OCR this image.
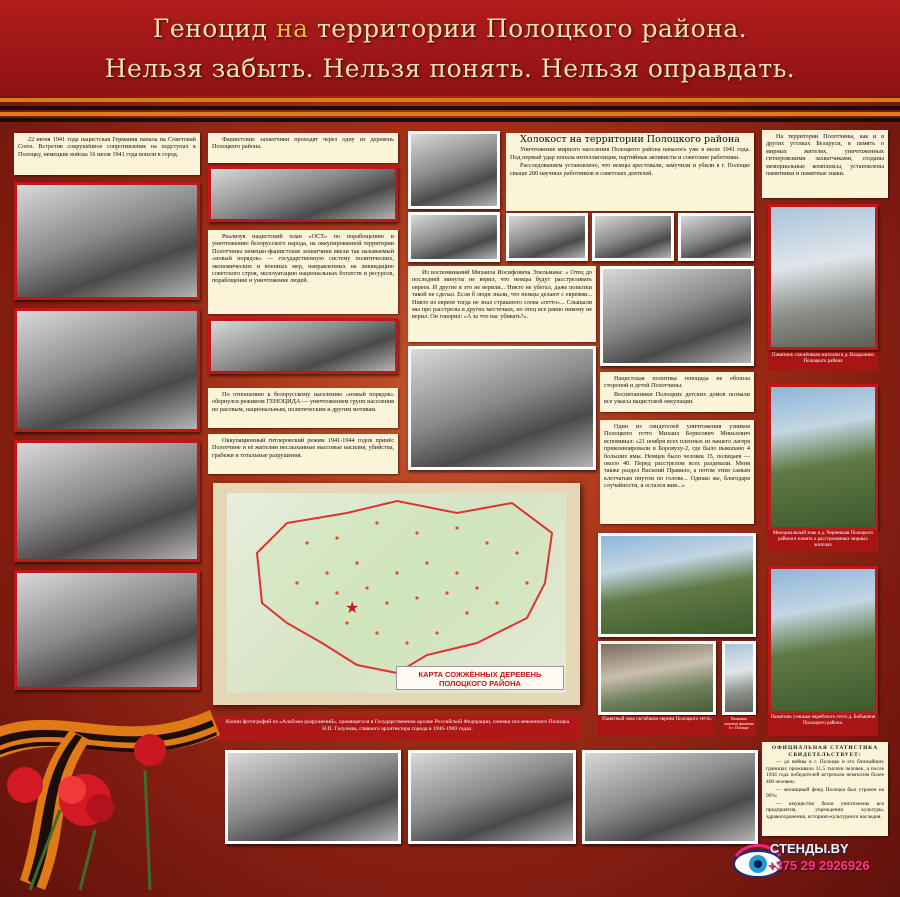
Геноцид на территории Полоцкого района.
Нельзя забыть. Нельзя понять. Нельзя оправдать.

22 июня 1941 года нацистская Германия напала на Советский Союз. Встретив сокрушённое сопротивление на подступах к Полоцку, немецкие войска 16 июля 1941 года вошли в город.

Фашистские захватчики проходят через одну из деревень Полоцкого района.

Реализуя нацистский план «ОСТ» по порабощению и уничтожению белорусского народа, на оккупированной территории Полотчины немецко-фашистские захватчики ввели так называемый «новый порядок» — государственную систему политических, экономических и военных мер, направленных на ликвидацию советского строя, эксплуатацию национальных богатств и ресурсов, порабощение и уничтожение людей.

По отношению к белорусскому населению «новый порядок» обернулся режимом ГЕНОЦИДА — уничтожением групп населения по расовым, национальным, политическим и другим мотивам.

Оккупационный гитлеровский режим 1941-1944 годов принёс Полотчине и её жителям неслыханные массовые насилия, убийства, грабежи и тотальные разрушения.

Холокост на территории Полоцкого района

Уничтожение мирного населения Полоцкого района началось уже в июле 1941 года. Под первый удар попала интеллигенция, партийные активисты и советские работники.

Расследованием установлено, что немцы арестовали, замучили и убили в г. Полоцке свыше 200 научных работников и советских деятелей.

Из воспоминаний Михаила Иосифовича Эпельмана: « Отец до последней минуты не верил, что немцы будут расстреливать евреев. И другие в это не верили... Никто не убегал, даже попытки такой не сделал. Если б люди знали, что немцы делают с евреями... Никто из евреев тогда не знал страшного слова «гетто»... Слышали мы про расстрелы в других местечках, но отец все равно никому не верил. Он говорил: «А за что нас убивать?».

Нацистская политика геноцида не обошла стороной и детей Полотчины.

Воспитанники Полоцких детских домов познали все ужасы нацистской оккупации.

Один из свидетелей уничтожения узников Полоцкого гетто Михаил Борисович Миньзович вспоминал: «21 ноября всех пленных из нашего лагеря приконвоировали в Боровуху-2, где было выкопано 4 больших ямы. Немцев было человек 15, полицаев — около 40. Перед расстрелом всех раздевали. Меня также раздел Василий Правило, а потом этим самым клетчатым пнутом по голове... Однако же, благодаря случайности, я остался жив...»

★
КАРТА СОЖЖЁННЫХ ДЕРЕВЕНЬ ПОЛОЦКОГО РАЙОНА
Копии фотографий из «Альбома разрушений», хранящегося в Государственном архиве Российской Федерации, снимки послевоенного Полоцка Н.П. Галунова, главного архитектора города в 1946-1969 годах.
Памятный знак погибшим евреям Полоцкого гетто.	Памятник жертвам фашизма в г. Полоцке

На территории Полотчины, как и в других уголках Беларуси, в память о мирных жителях, уничтоженных гитлеровскими захватчиками, созданы мемориальные комплексы, установлены памятники и памятные знаки.

Памятник сожжённым жителям в д. Владычино Полоцкого района
Мемориальный знак в д. Черницкая Полоцкого района в память о расстрелянных мирных жителях
Памятник узникам еврейского гетто д. Бобыничи Полоцкого района.

ОФИЦИАЛЬНАЯ СТАТИСТИКА СВИДЕТЕЛЬСТВУЕТ:

— до войны в г. Полоцке и его ближайших границах проживало 31,5 тысячи человек, а после 1944 года победителей встречали немногим более 400 человек;

— жилищный фонд Полоцка был утрачен на 96%;

— имущество были уничтожены все предприятия, учреждения культуры, здравоохранения, историко-культурного наследия.

СТЕНДЫ.BY
+375 29 2926926
